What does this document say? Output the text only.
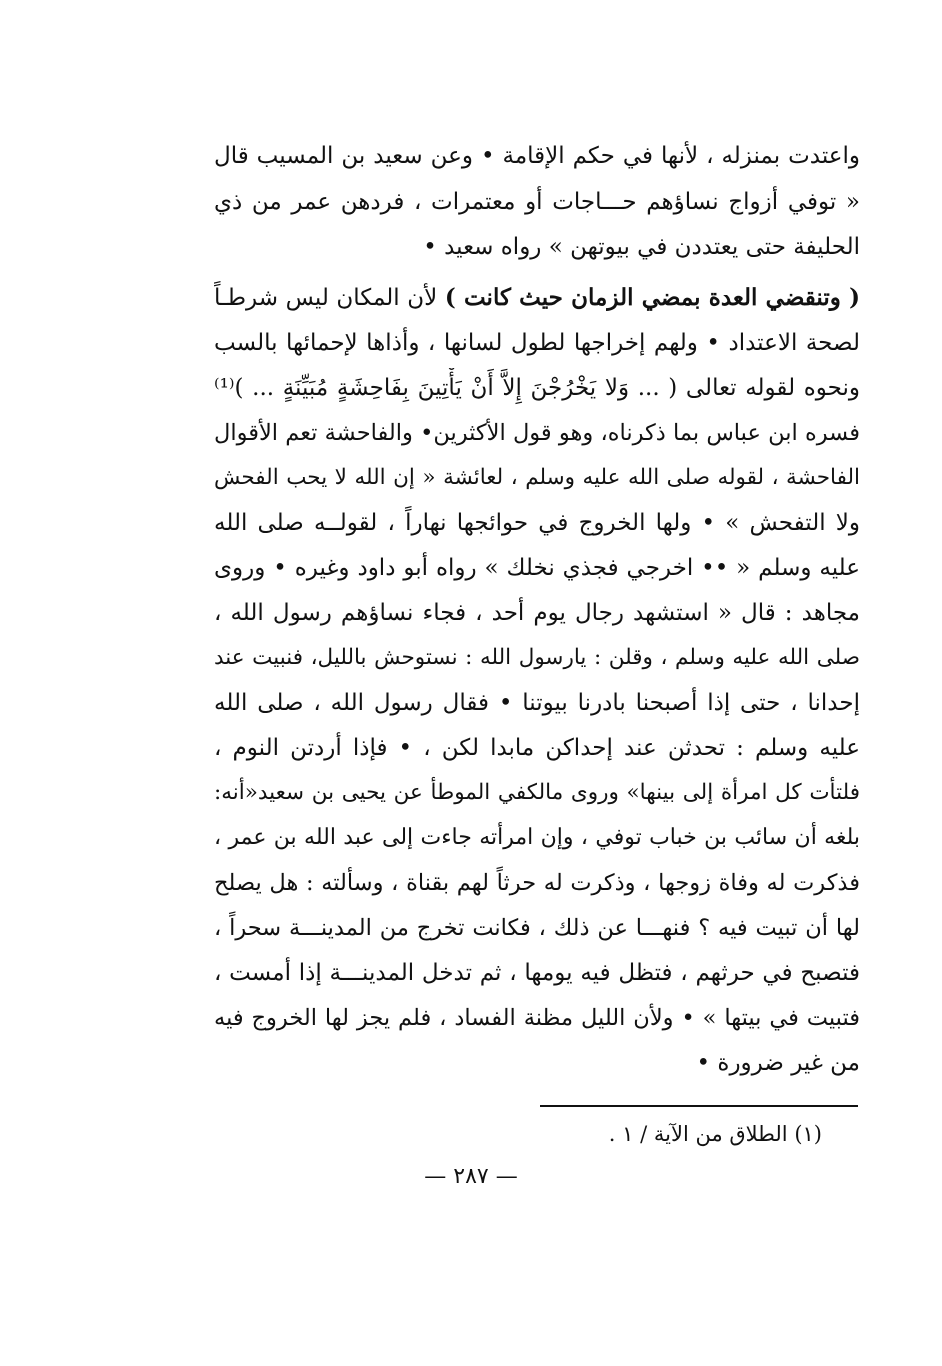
واعتدت بمنزله ، لأنها في حكم الإقامة • وعن سعيد بن المسيب قال
« توفي أزواج نساؤهم حـــاجات أو معتمرات ، فردهن عمر من ذي
الحليفة حتى يعتددن في بيوتهن » رواه سعيد •
( وتنقضي العدة بمضي الزمان حيث كانت ) لأن المكان ليس شرطـاً
لصحة الاعتداد • ولهم إخراجها لطول لسانها ، وأذاها لإحمائها بالسب
ونحوه لقوله تعالى ( ... وَلا يَخْرُجْنَ إِلاَّ أَنْ يَأْتِينَ بِفَاحِشَةٍ مُبَيِّنَةٍ ... )⁽¹⁾
فسره ابن عباس بما ذكرناه، وهو قول الأكثرين• والفاحشة تعم الأقوال
الفاحشة ، لقوله صلى الله عليه وسلم ، لعائشة « إن الله لا يحب الفحش
ولا التفحش » • ولها الخروج في حوائجها نهاراً ، لقولــه صلى الله
عليه وسلم « •• اخرجي فجذي نخلك » رواه أبو داود وغيره • وروى
مجاهد : قال « استشهد رجال يوم أحد ، فجاء نساؤهم رسول الله ،
صلى الله عليه وسلم ، وقلن : يارسول الله : نستوحش بالليل، فنبيت عند
إحدانا ، حتى إذا أصبحنا بادرنا بيوتنا • فقال رسول الله ، صلى الله
عليه وسلم : تحدثن عند إحداكن مابدا لكن ، • فإذا أردتن النوم ،
فلتأت كل امرأة إلى بينها» وروى مالكفي الموطأ عن يحيى بن سعيد«أنه:
بلغه أن سائب بن خباب توفي ، وإن امرأته جاءت إلى عبد الله بن عمر ،
فذكرت له وفاة زوجها ، وذكرت له حرثاً لهم بقناة ، وسألته : هل يصلح
لها أن تبيت فيه ؟ فنهـــا عن ذلك ، فكانت تخرج من المدينـــة سحراً ،
فتصبح في حرثهم ، فتظل فيه يومها ، ثم تدخل المدينـــة إذا أمست ،
فتبيت في بيتها » • ولأن الليل مظنة الفساد ، فلم يجز لها الخروج فيه
من غير ضرورة •
(١) الطلاق من الآية / ١ .
— ٢٨٧ —
